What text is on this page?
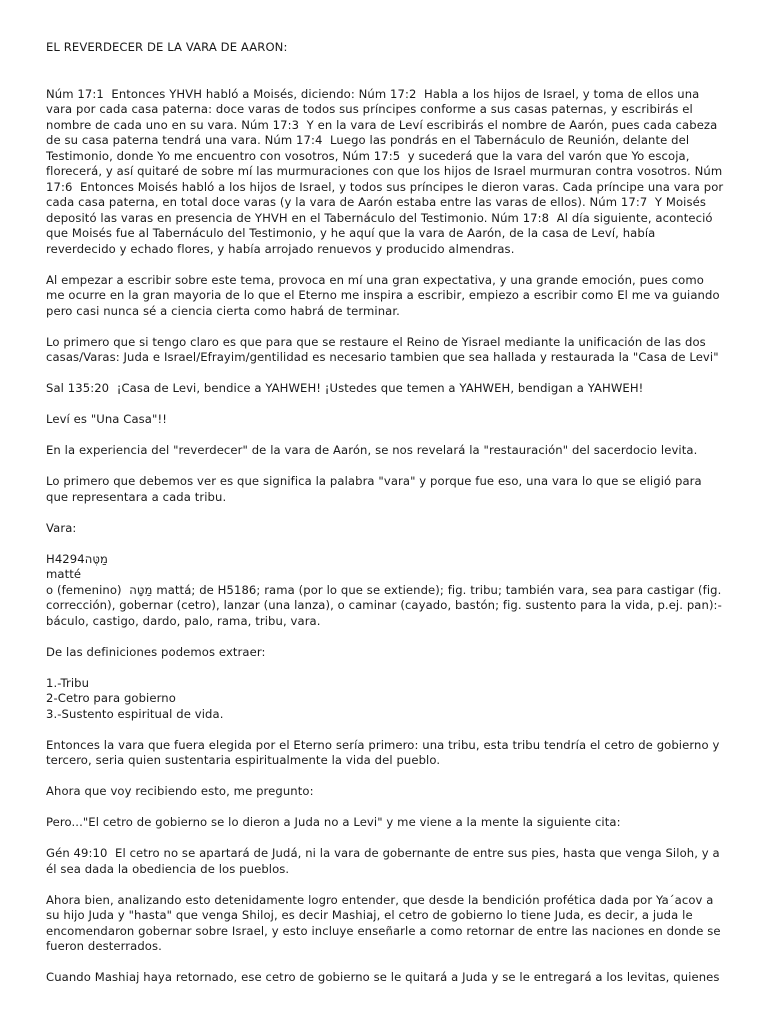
EL REVERDECER DE LA VARA DE AARON:

Núm 17:1  Entonces YHVH habló a Moisés, diciendo: Núm 17:2  Habla a los hijos de Israel, y toma de ellos una vara por cada casa paterna: doce varas de todos sus príncipes conforme a sus casas paternas, y escribirás el nombre de cada uno en su vara. Núm 17:3  Y en la vara de Leví escribirás el nombre de Aarón, pues cada cabeza de su casa paterna tendrá una vara. Núm 17:4  Luego las pondrás en el Tabernáculo de Reunión, delante del Testimonio, donde Yo me encuentro con vosotros, Núm 17:5  y sucederá que la vara del varón que Yo escoja, florecerá, y así quitaré de sobre mí las murmuraciones con que los hijos de Israel murmuran contra vosotros. Núm 17:6  Entonces Moisés habló a los hijos de Israel, y todos sus príncipes le dieron varas. Cada príncipe una vara por cada casa paterna, en total doce varas (y la vara de Aarón estaba entre las varas de ellos). Núm 17:7  Y Moisés depositó las varas en presencia de YHVH en el Tabernáculo del Testimonio. Núm 17:8  Al día siguiente, aconteció que Moisés fue al Tabernáculo del Testimonio, y he aquí que la vara de Aarón, de la casa de Leví, había reverdecido y echado flores, y había arrojado renuevos y producido almendras.

Al empezar a escribir sobre este tema, provoca en mí una gran expectativa, y una grande emoción, pues como me ocurre en la gran mayoria de lo que el Eterno me inspira a escribir, empiezo a escribir como El me va guiando pero casi nunca sé a ciencia cierta como habrá de terminar.

Lo primero que si tengo claro es que para que se restaure el Reino de Yisrael mediante la unificación de las dos casas/Varas: Juda e Israel/Efrayim/gentilidad es necesario tambien que sea hallada y restaurada la "Casa de Levi"

Sal 135:20  ¡Casa de Levi, bendice a YAHWEH! ¡Ustedes que temen a YAHWEH, bendigan a YAHWEH!

Leví es "Una Casa"!!

En la experiencia del "reverdecer" de la vara de Aarón, se nos revelará la "restauración" del sacerdocio levita.

Lo primero que debemos ver es que significa la palabra "vara" y porque fue eso, una vara lo que se eligió para que representara a cada tribu.

Vara:

H4294מַטֶּה

matté

o (femenino)  מַטָּה mattá; de H5186; rama (por lo que se extiende); fig. tribu; también vara, sea para castigar (fig. corrección), gobernar (cetro), lanzar (una lanza), o caminar (cayado, bastón; fig. sustento para la vida, p.ej. pan):- báculo, castigo, dardo, palo, rama, tribu, vara.

De las definiciones podemos extraer:

1.-Tribu

2-Cetro para gobierno

3.-Sustento espiritual de vida.

Entonces la vara que fuera elegida por el Eterno sería primero: una tribu, esta tribu tendría el cetro de gobierno y tercero, seria quien sustentaria espiritualmente la vida del pueblo.

Ahora que voy recibiendo esto, me pregunto:

Pero..."El cetro de gobierno se lo dieron a Juda no a Levi" y me viene a la mente la siguiente cita:

Gén 49:10  El cetro no se apartará de Judá, ni la vara de gobernante de entre sus pies, hasta que venga Siloh, y a él sea dada la obediencia de los pueblos.

Ahora bien, analizando esto detenidamente logro entender, que desde la bendición profética dada por Ya´acov a su hijo Juda y "hasta" que venga Shiloj, es decir Mashiaj, el cetro de gobierno lo tiene Juda, es decir, a juda le encomendaron gobernar sobre Israel, y esto incluye enseñarle a como retornar de entre las naciones en donde se fueron desterrados.

Cuando Mashiaj haya retornado, ese cetro de gobierno se le quitará a Juda y se le entregará a los levitas, quienes
